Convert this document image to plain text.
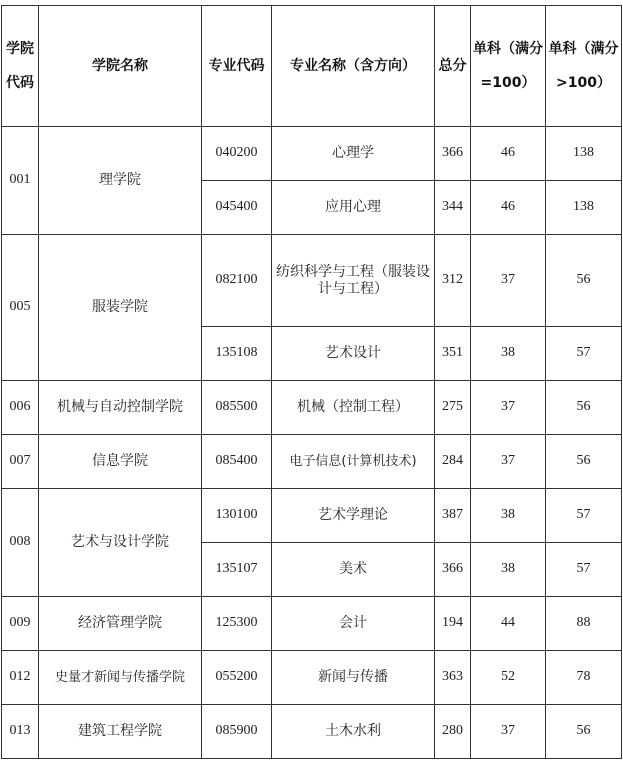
学院代码	学院名称	专业代码	专业名称（含方向）	总分	单科（满分=100）	单科（满分>100）
001	理学院	040200	心理学	366	46	138
		045400	应用心理	344	46	138
005	服装学院	082100	纺织科学与工程（服装设计与工程）	312	37	56
		135108	艺术设计	351	38	57
006	机械与自动控制学院	085500	机械（控制工程）	275	37	56
007	信息学院	085400	电子信息(计算机技术)	284	37	56
008	艺术与设计学院	130100	艺术学理论	387	38	57
		135107	美术	366	38	57
009	经济管理学院	125300	会计	194	44	88
012	史量才新闻与传播学院	055200	新闻与传播	363	52	78
013	建筑工程学院	085900	土木水利	280	37	56
